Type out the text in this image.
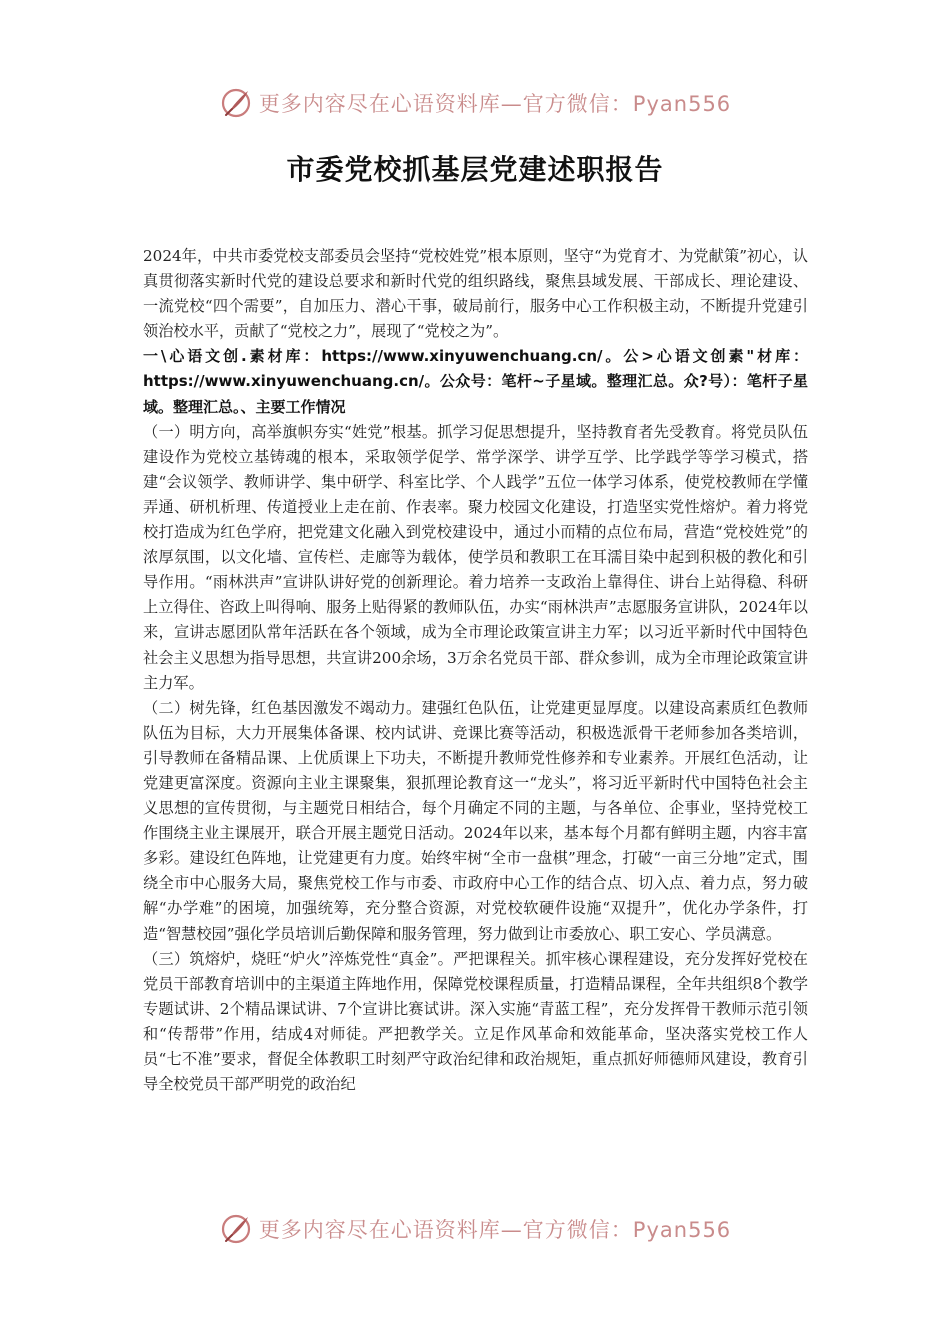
更多内容尽在心语资料库—官方微信：Pyan556
市委党校抓基层党建述职报告

2024年，中共市委党校支部委员会坚持“党校姓党”根本原则，坚守“为党育才、为党献策”初心，认真贯彻落实新时代党的建设总要求和新时代党的组织路线，聚焦县域发展、干部成长、理论建设、一流党校“四个需要”，自加压力、潜心干事，破局前行，服务中心工作积极主动，不断提升党建引领治校水平，贡献了“党校之力”，展现了“党校之为”。

一\心语文创.素材库：https://www.xinyuwenchuang.cn/。公>心语文创素"材库：https://www.xinyuwenchuang.cn/。公众号：笔杆~子星域。整理汇总。众?号）：笔杆子星域。整理汇总。、主要工作情况

（一）明方向，高举旗帜夯实“姓党”根基。抓学习促思想提升，坚持教育者先受教育。将党员队伍建设作为党校立基铸魂的根本，采取领学促学、常学深学、讲学互学、比学践学等学习模式，搭建“会议领学、教师讲学、集中研学、科室比学、个人践学”五位一体学习体系，使党校教师在学懂弄通、研机析理、传道授业上走在前、作表率。聚力校园文化建设，打造坚实党性熔炉。着力将党校打造成为红色学府，把党建文化融入到党校建设中，通过小而精的点位布局，营造“党校姓党”的浓厚氛围，以文化墙、宣传栏、走廊等为载体，使学员和教职工在耳濡目染中起到积极的教化和引导作用。“雨林洪声”宣讲队讲好党的创新理论。着力培养一支政治上靠得住、讲台上站得稳、科研上立得住、咨政上叫得响、服务上贴得紧的教师队伍，办实“雨林洪声”志愿服务宣讲队，2024年以来，宣讲志愿团队常年活跃在各个领域，成为全市理论政策宣讲主力军；以习近平新时代中国特色社会主义思想为指导思想，共宣讲200余场，3万余名党员干部、群众参训，成为全市理论政策宣讲主力军。

（二）树先锋，红色基因激发不竭动力。建强红色队伍，让党建更显厚度。以建设高素质红色教师队伍为目标，大力开展集体备课、校内试讲、竞课比赛等活动，积极选派骨干老师参加各类培训，引导教师在备精品课、上优质课上下功夫，不断提升教师党性修养和专业素养。开展红色活动，让党建更富深度。资源向主业主课聚集，狠抓理论教育这一“龙头”，将习近平新时代中国特色社会主义思想的宣传贯彻，与主题党日相结合，每个月确定不同的主题，与各单位、企事业，坚持党校工作围绕主业主课展开，联合开展主题党日活动。2024年以来，基本每个月都有鲜明主题，内容丰富多彩。建设红色阵地，让党建更有力度。始终牢树“全市一盘棋”理念，打破“一亩三分地”定式，围绕全市中心服务大局，聚焦党校工作与市委、市政府中心工作的结合点、切入点、着力点，努力破解“办学难”的困境，加强统筹，充分整合资源，对党校软硬件设施“双提升”，优化办学条件，打造“智慧校园”强化学员培训后勤保障和服务管理，努力做到让市委放心、职工安心、学员满意。

（三）筑熔炉，烧旺“炉火”淬炼党性“真金”。严把课程关。抓牢核心课程建设，充分发挥好党校在党员干部教育培训中的主渠道主阵地作用，保障党校课程质量，打造精品课程，全年共组织8个教学专题试讲、2个精品课试讲、7个宣讲比赛试讲。深入实施“青蓝工程”，充分发挥骨干教师示范引领和“传帮带”作用，结成4对师徒。严把教学关。立足作风革命和效能革命，坚决落实党校工作人员“七不准”要求，督促全体教职工时刻严守政治纪律和政治规矩，重点抓好师德师风建设，教育引导全校党员干部严明党的政治纪

更多内容尽在心语资料库—官方微信：Pyan556
